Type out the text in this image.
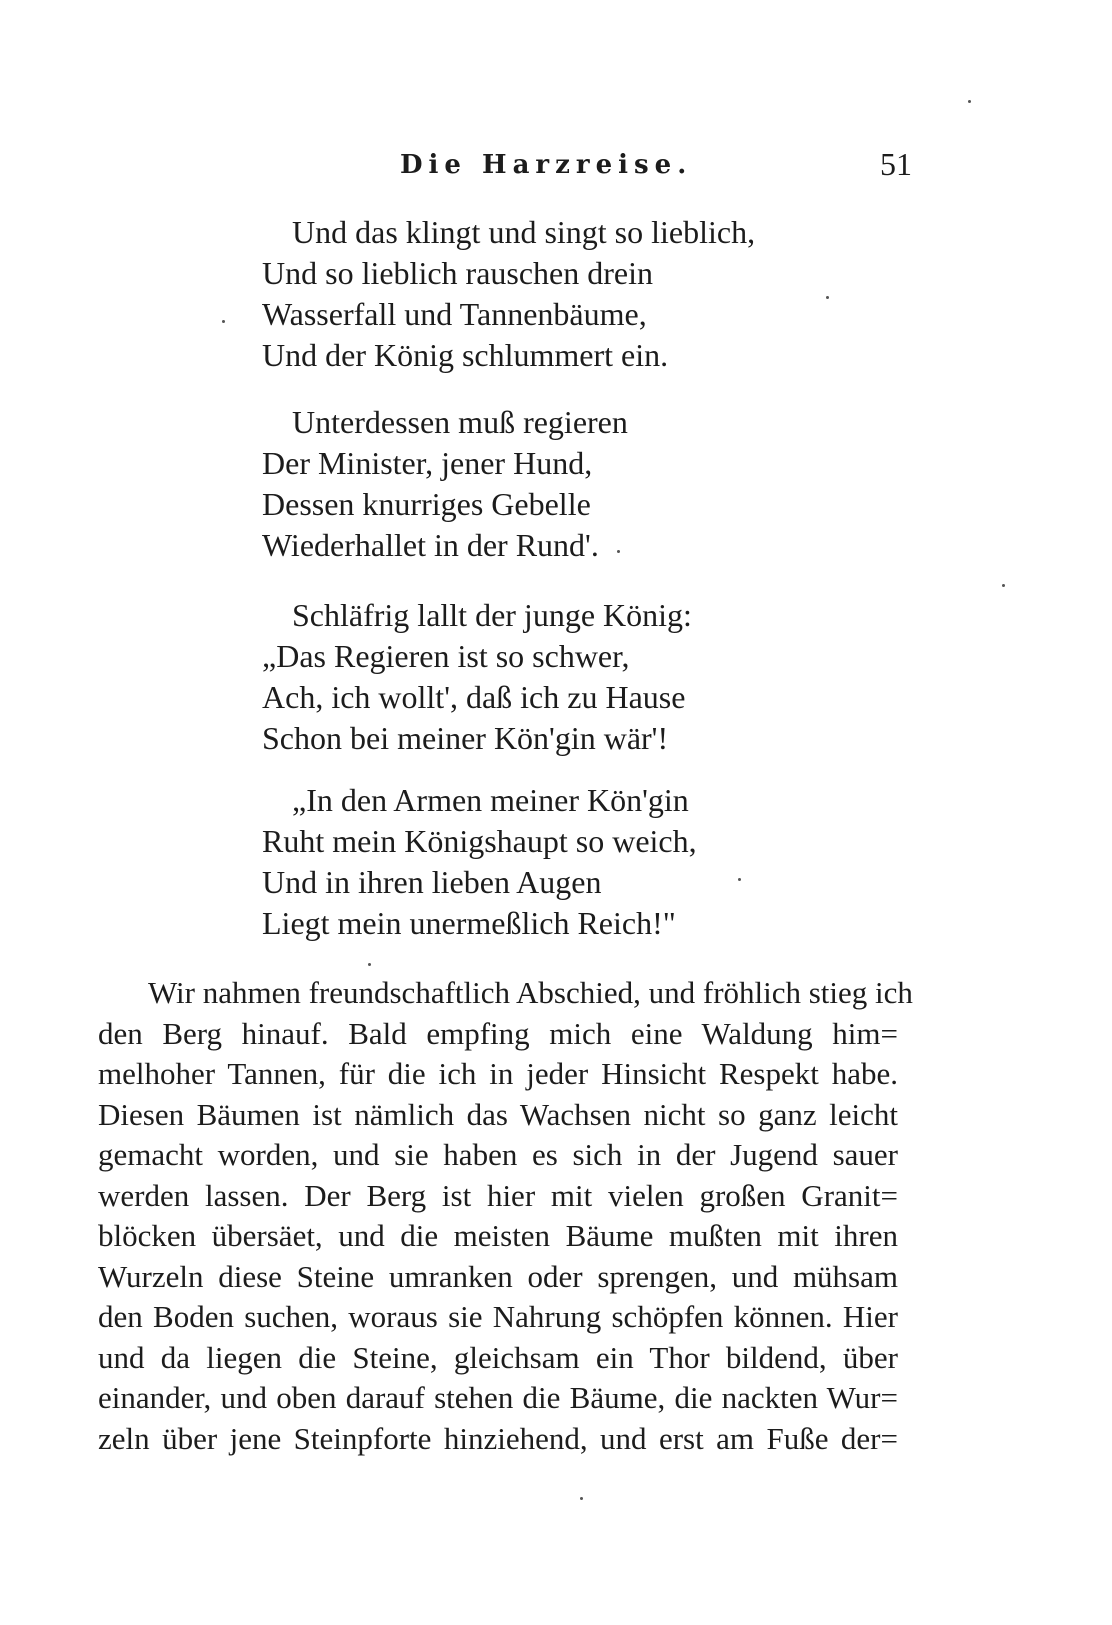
Die Harzreise.	51
Und das klingt und singt so lieblich,
Und so lieblich rauschen drein
Wasserfall und Tannenbäume,
Und der König schlummert ein.
Unterdessen muß regieren
Der Minister, jener Hund,
Dessen knurriges Gebelle
Wiederhallet in der Rund'.
Schläfrig lallt der junge König:
„Das Regieren ist so schwer,
Ach, ich wollt', daß ich zu Hause
Schon bei meiner Kön'gin wär'!
„In den Armen meiner Kön'gin
Ruht mein Königshaupt so weich,
Und in ihren lieben Augen
Liegt mein unermeßlich Reich!"
Wir nahmen freundschaftlich Abschied, und fröhlich stieg ich
den Berg hinauf. Bald empfing mich eine Waldung him=
melhoher Tannen, für die ich in jeder Hinsicht Respekt habe.
Diesen Bäumen ist nämlich das Wachsen nicht so ganz leicht
gemacht worden, und sie haben es sich in der Jugend sauer
werden lassen. Der Berg ist hier mit vielen großen Granit=
blöcken übersäet, und die meisten Bäume mußten mit ihren
Wurzeln diese Steine umranken oder sprengen, und mühsam
den Boden suchen, woraus sie Nahrung schöpfen können. Hier
und da liegen die Steine, gleichsam ein Thor bildend, über
einander, und oben darauf stehen die Bäume, die nackten Wur=
zeln über jene Steinpforte hinziehend, und erst am Fuße der=
